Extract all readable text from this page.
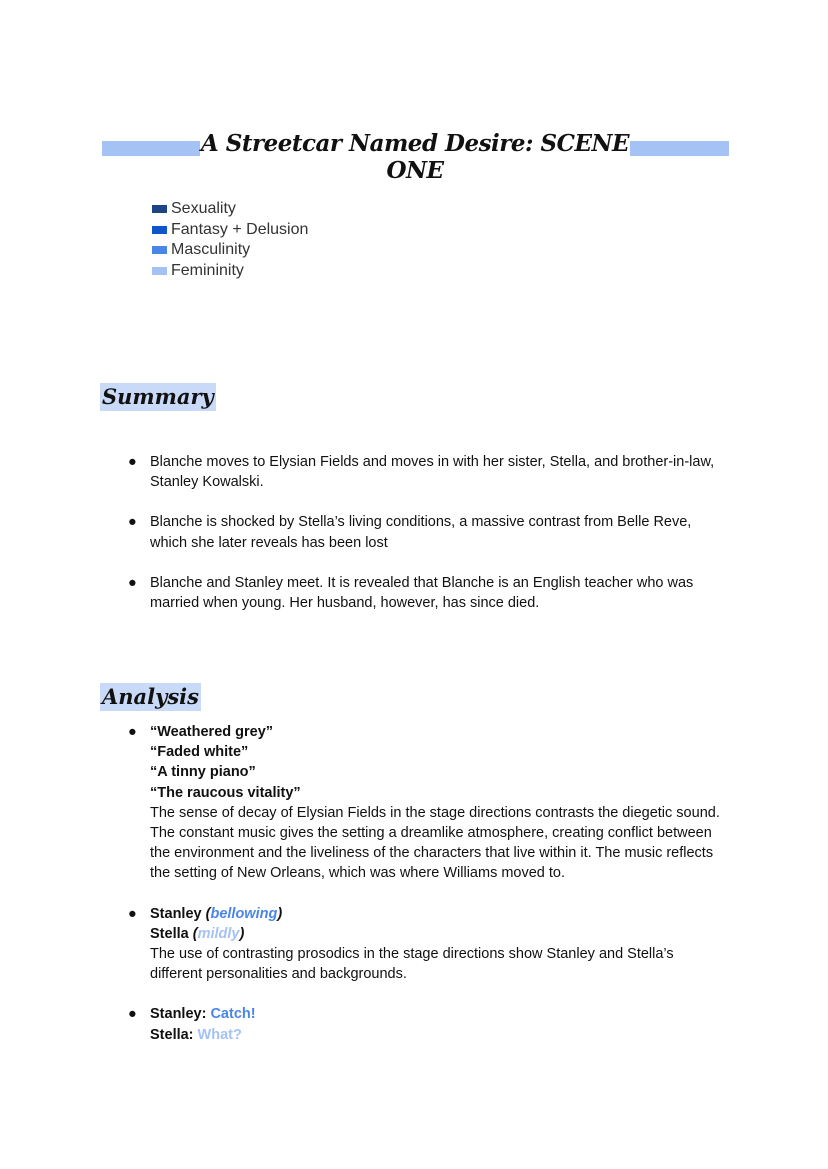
A Streetcar Named Desire: SCENE ONE
Sexuality
Fantasy + Delusion
Masculinity
Femininity
Summary
● Blanche moves to Elysian Fields and moves in with her sister, Stella, and brother-in-law, Stanley Kowalski.
● Blanche is shocked by Stella’s living conditions, a massive contrast from Belle Reve, which she later reveals has been lost
● Blanche and Stanley meet. It is revealed that Blanche is an English teacher who was married when young. Her husband, however, has since died.
Analysis
● “Weathered grey”
“Faded white”
“A tinny piano”
“The raucous vitality”
The sense of decay of Elysian Fields in the stage directions contrasts the diegetic sound. The constant music gives the setting a dreamlike atmosphere, creating conflict between the environment and the liveliness of the characters that live within it. The music reflects the setting of New Orleans, which was where Williams moved to.
● Stanley (bellowing)
Stella (mildly)
The use of contrasting prosodics in the stage directions show Stanley and Stella’s different personalities and backgrounds.
● Stanley: Catch!
Stella: What?
